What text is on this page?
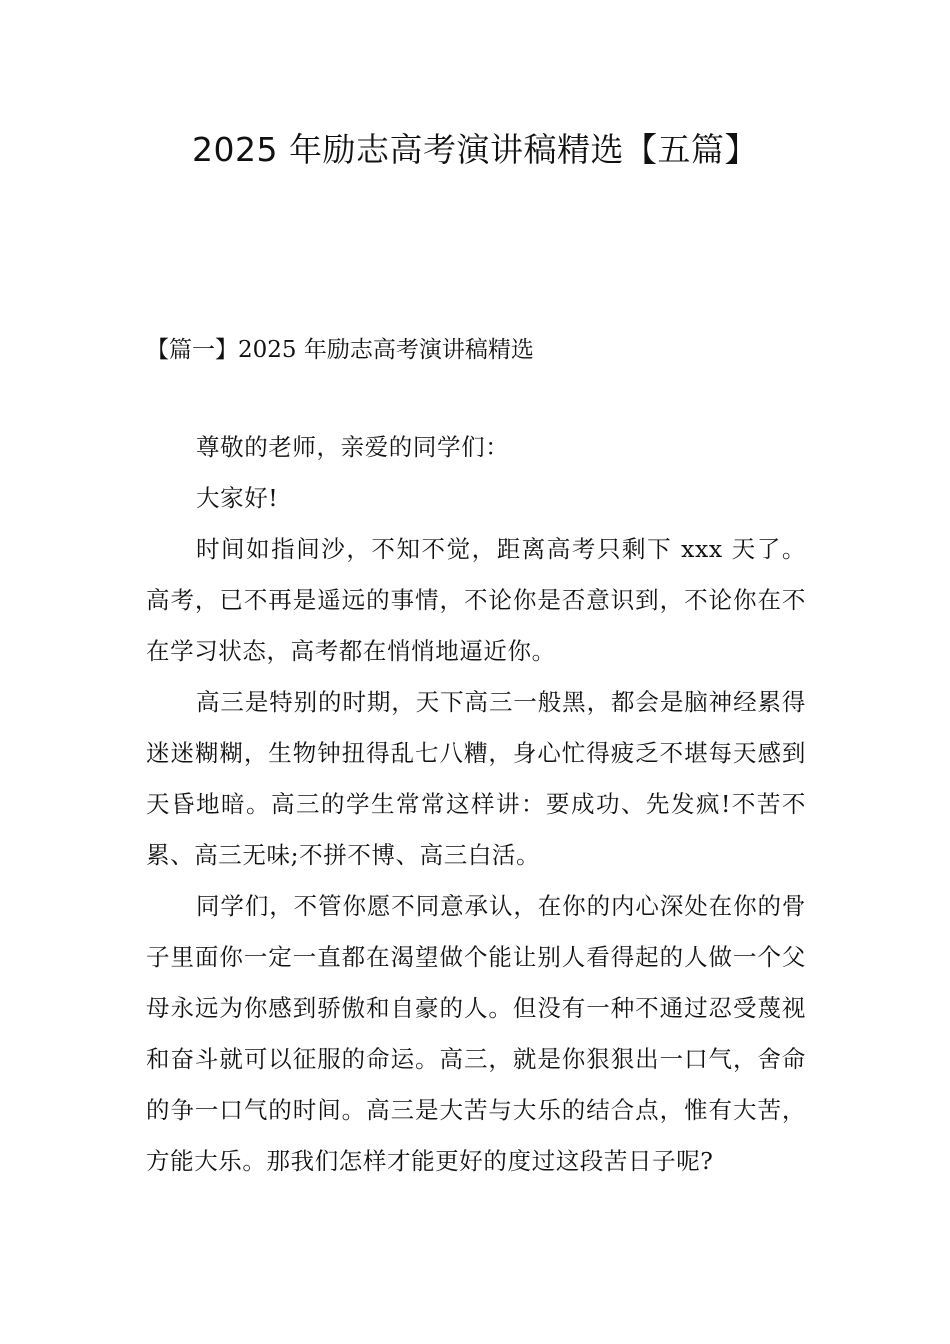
2025 年励志高考演讲稿精选【五篇】
【篇一】2025 年励志高考演讲稿精选

尊敬的老师，亲爱的同学们：

大家好!

时间如指间沙，不知不觉，距离高考只剩下 xxx 天了。高考，已不再是遥远的事情，不论你是否意识到，不论你在不在学习状态，高考都在悄悄地逼近你。

高三是特别的时期，天下高三一般黑，都会是脑神经累得迷迷糊糊，生物钟扭得乱七八糟，身心忙得疲乏不堪每天感到天昏地暗。高三的学生常常这样讲：要成功、先发疯!不苦不累、高三无味;不拼不博、高三白活。

同学们，不管你愿不同意承认，在你的内心深处在你的骨子里面你一定一直都在渴望做个能让别人看得起的人做一个父母永远为你感到骄傲和自豪的人。但没有一种不通过忍受蔑视和奋斗就可以征服的命运。高三，就是你狠狠出一口气，舍命的争一口气的时间。高三是大苦与大乐的结合点，惟有大苦，方能大乐。那我们怎样才能更好的度过这段苦日子呢?
